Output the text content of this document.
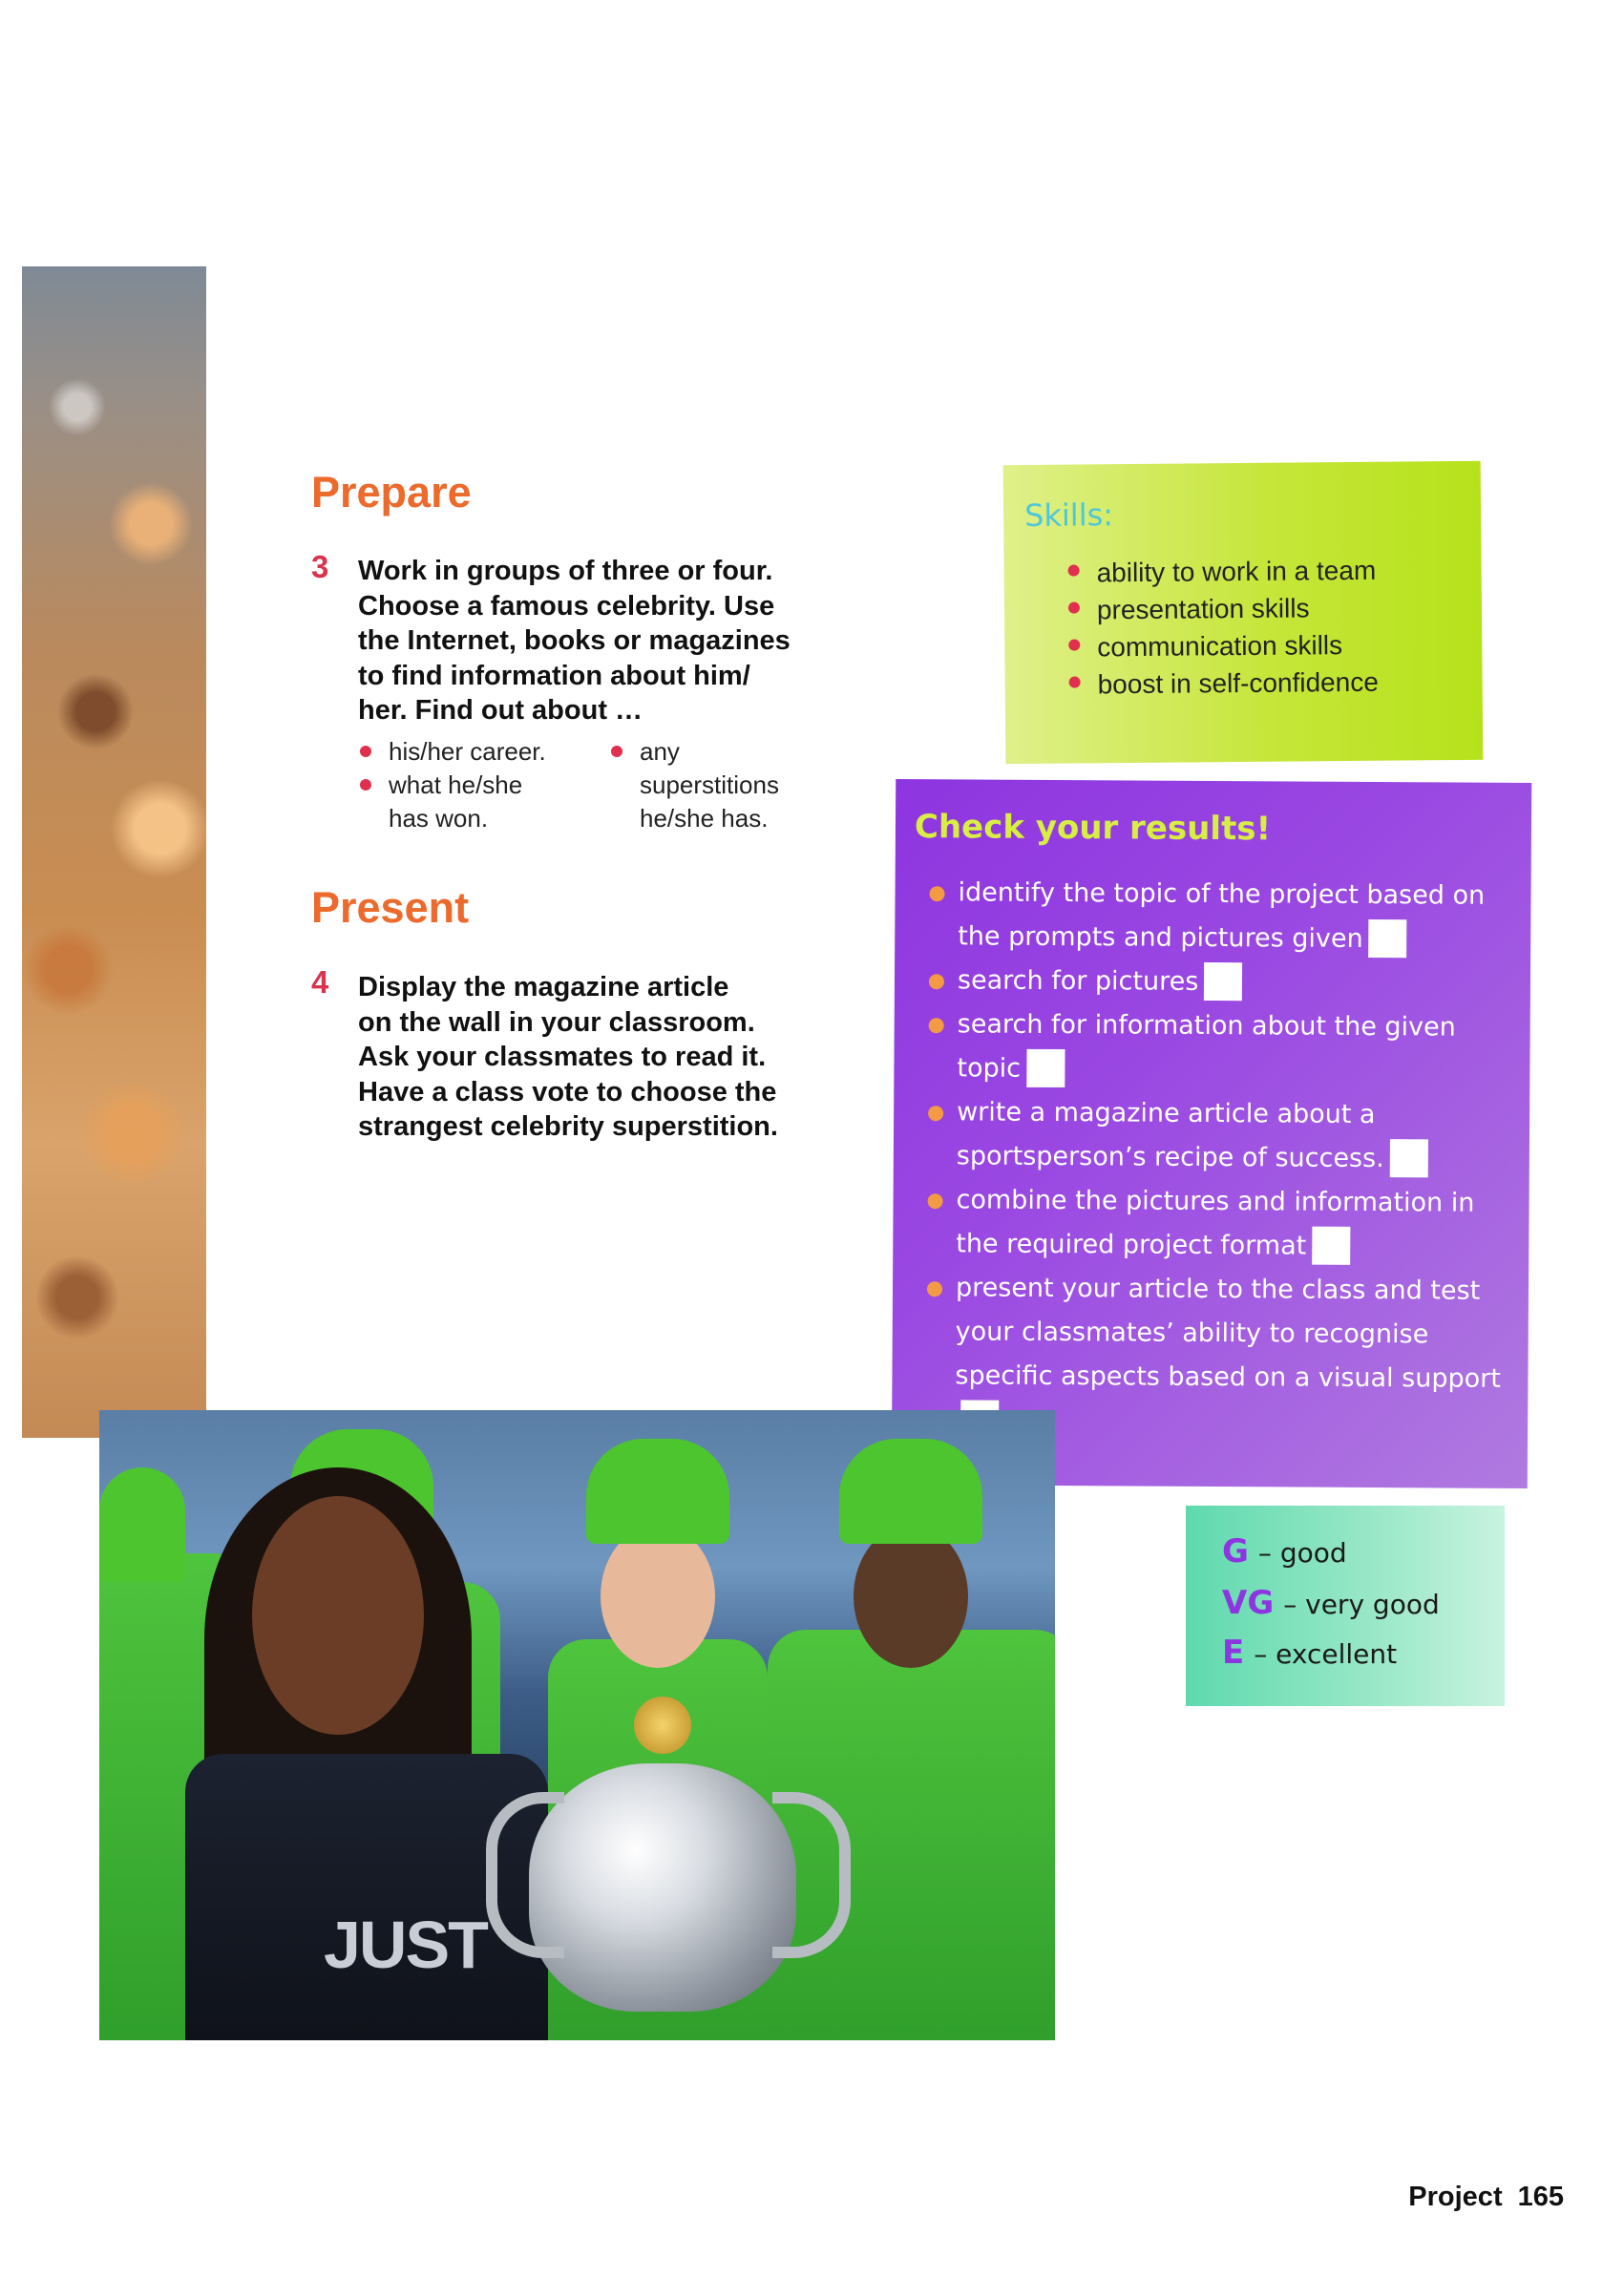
Prepare
3 Work in groups of three or four.
Choose a famous celebrity. Use
the Internet, books or magazines
to find information about him/
her. Find out about …
his/her career.
what he/she has won.
any superstitions he/she has.
Present
4 Display the magazine article
on the wall in your classroom.
Ask your classmates to read it.
Have a class vote to choose the
strangest celebrity superstition.
Skills:
ability to work in a team
presentation skills
communication skills
boost in self-confidence
Check your results!
identify the topic of the project based on the prompts and pictures given
search for pictures
search for information about the given topic
write a magazine article about a sportsperson’s recipe of success.
combine the pictures and information in the required project format
present your article to the class and test your classmates’ ability to recognise specific aspects based on a visual support
G – good
VG – very good
E – excellent
JUST
Project 165
